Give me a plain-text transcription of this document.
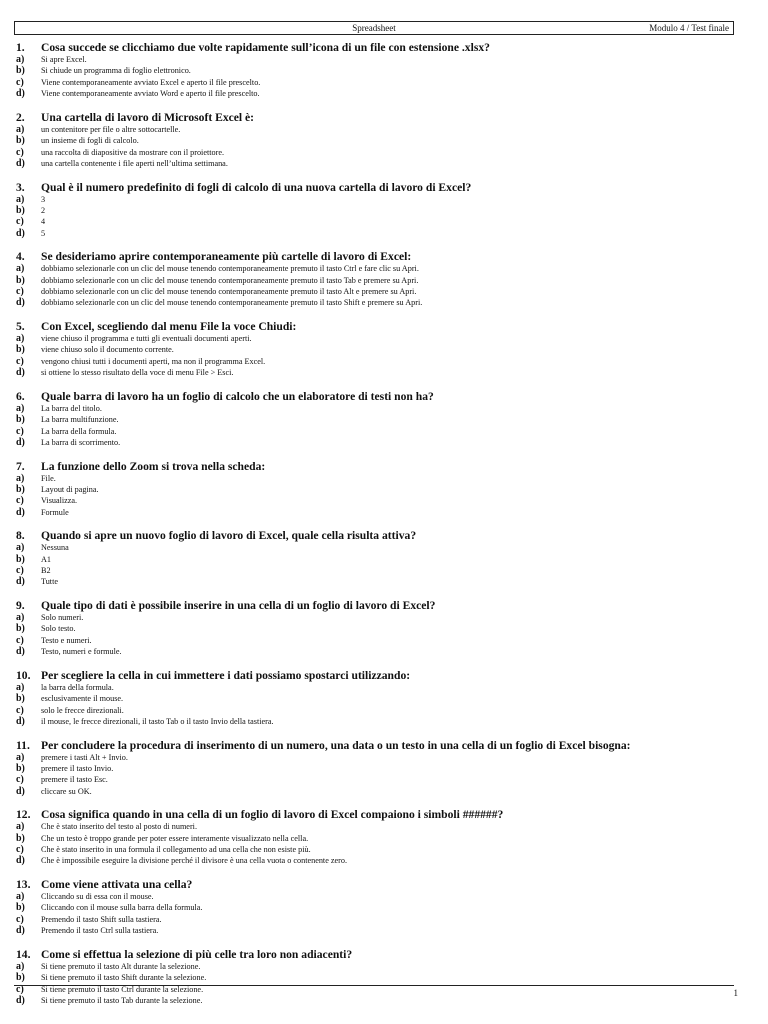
Spreadsheet	Modulo 4 / Test finale
1.	Cosa succede se clicchiamo due volte rapidamente sull’icona di un file con estensione .xlsx?
a)	Si apre Excel.
b)	Si chiude un programma di foglio elettronico.
c)	Viene contemporaneamente avviato Excel e aperto il file prescelto.
d)	Viene contemporaneamente avviato Word e aperto il file prescelto.
2.	Una cartella di lavoro di Microsoft Excel è:
a)	un contenitore per file o altre sottocartelle.
b)	un insieme di fogli di calcolo.
c)	una raccolta di diapositive da mostrare con il proiettore.
d)	una cartella contenente i file aperti nell’ultima settimana.
3.	Qual è il numero predefinito di fogli di calcolo di una nuova cartella di lavoro di Excel?
a)	3
b)	2
c)	4
d)	5
4.	Se desideriamo aprire contemporaneamente più cartelle di lavoro di Excel:
a)	dobbiamo selezionarle con un clic del mouse tenendo contemporaneamente premuto il tasto Ctrl e fare clic su Apri.
b)	dobbiamo selezionarle con un clic del mouse tenendo contemporaneamente premuto il tasto Tab e premere su Apri.
c)	dobbiamo selezionarle con un clic del mouse tenendo contemporaneamente premuto il tasto Alt e premere su Apri.
d)	dobbiamo selezionarle con un clic del mouse tenendo contemporaneamente premuto il tasto Shift e premere su Apri.
5.	Con Excel, scegliendo dal menu File la voce Chiudi:
a)	viene chiuso il programma e tutti gli eventuali documenti aperti.
b)	viene chiuso solo il documento corrente.
c)	vengono chiusi tutti i documenti aperti, ma non il programma Excel.
d)	si ottiene lo stesso risultato della voce di menu File > Esci.
6.	Quale barra di lavoro ha un foglio di calcolo che un elaboratore di testi non ha?
a)	La barra del titolo.
b)	La barra multifunzione.
c)	La barra della formula.
d)	La barra di scorrimento.
7.	La funzione dello Zoom si trova nella scheda:
a)	File.
b)	Layout di pagina.
c)	Visualizza.
d)	Formule
8.	Quando si apre un nuovo foglio di lavoro di Excel, quale cella risulta attiva?
a)	Nessuna
b)	A1
c)	B2
d)	Tutte
9.	Quale tipo di dati è possibile inserire in una cella di un foglio di lavoro di Excel?
a)	Solo numeri.
b)	Solo testo.
c)	Testo e numeri.
d)	Testo, numeri e formule.
10. Per scegliere la cella in cui immettere i dati possiamo spostarci utilizzando:
a)	la barra della formula.
b)	esclusivamente il mouse.
c)	solo le frecce direzionali.
d)	il mouse, le frecce direzionali, il tasto Tab o il tasto Invio della tastiera.
11. Per concludere la procedura di inserimento di un numero, una data o un testo in una cella di un foglio di Excel bisogna:
a)	premere i tasti Alt + Invio.
b)	premere il tasto Invio.
c)	premere il tasto Esc.
d)	cliccare su OK.
12. Cosa significa quando in una cella di un foglio di lavoro di Excel compaiono i simboli ######?
a)	Che è stato inserito del testo al posto di numeri.
b)	Che un testo è troppo grande per poter essere interamente visualizzato nella cella.
c)	Che è stato inserito in una formula il collegamento ad una cella che non esiste più.
d)	Che è impossibile eseguire la divisione perché il divisore è una cella vuota o contenente zero.
13. Come viene attivata una cella?
a)	Cliccando su di essa con il mouse.
b)	Cliccando con il mouse sulla barra della formula.
c)	Premendo il tasto Shift sulla tastiera.
d)	Premendo il tasto Ctrl sulla tastiera.
14. Come si effettua la selezione di più celle tra loro non adiacenti?
a)	Si tiene premuto il tasto Alt durante la selezione.
b)	Si tiene premuto il tasto Shift durante la selezione.
c)	Si tiene premuto il tasto Ctrl durante la selezione.
d)	Si tiene premuto il tasto Tab durante la selezione.
1
